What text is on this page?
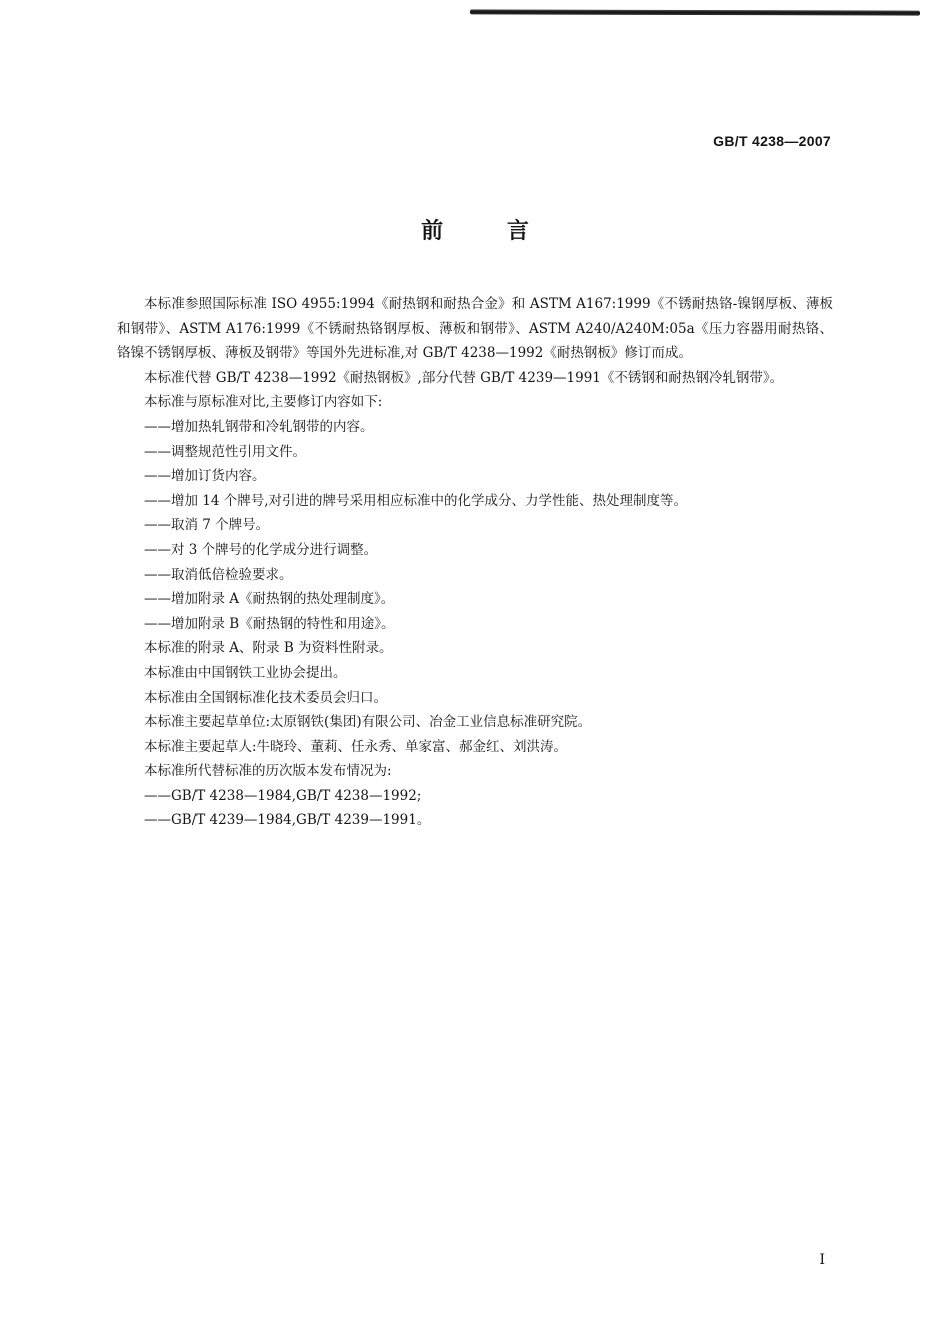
GB/T 4238—2007
前 言

本标准参照国际标准 ISO 4955:1994《耐热钢和耐热合金》和 ASTM A167:1999《不锈耐热铬-镍钢厚板、薄板和钢带》、ASTM A176:1999《不锈耐热铬钢厚板、薄板和钢带》、ASTM A240/A240M:05a《压力容器用耐热铬、铬镍不锈钢厚板、薄板及钢带》等国外先进标准,对 GB/T 4238—1992《耐热钢板》修订而成。

本标准代替 GB/T 4238—1992《耐热钢板》,部分代替 GB/T 4239—1991《不锈钢和耐热钢冷轧钢带》。

本标准与原标准对比,主要修订内容如下:

——增加热轧钢带和冷轧钢带的内容。

——调整规范性引用文件。

——增加订货内容。

——增加 14 个牌号,对引进的牌号采用相应标准中的化学成分、力学性能、热处理制度等。

——取消 7 个牌号。

——对 3 个牌号的化学成分进行调整。

——取消低倍检验要求。

——增加附录 A《耐热钢的热处理制度》。

——增加附录 B《耐热钢的特性和用途》。

本标准的附录 A、附录 B 为资料性附录。

本标准由中国钢铁工业协会提出。

本标准由全国钢标准化技术委员会归口。

本标准主要起草单位:太原钢铁(集团)有限公司、冶金工业信息标准研究院。

本标准主要起草人:牛晓玲、董莉、任永秀、单家富、郝金红、刘洪涛。

本标准所代替标准的历次版本发布情况为:

——GB/T 4238—1984,GB/T 4238—1992;

——GB/T 4239—1984,GB/T 4239—1991。

I
